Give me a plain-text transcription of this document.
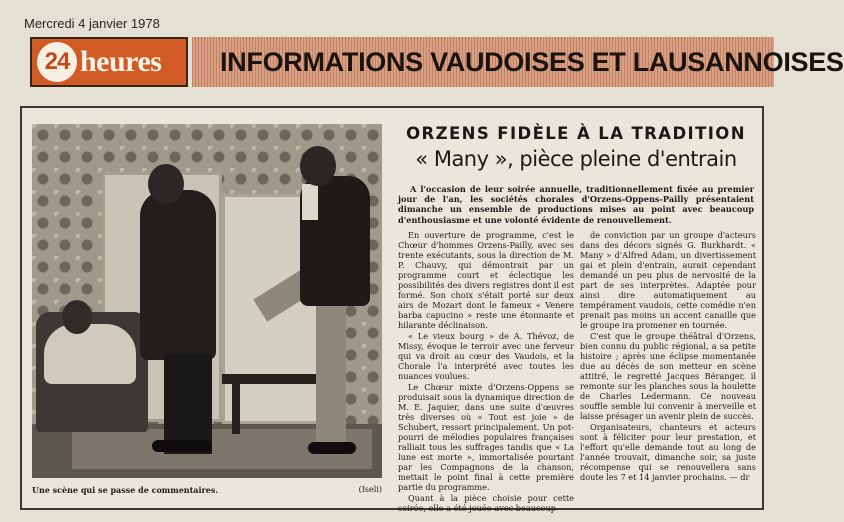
Mercredi 4 janvier 1978
24 heures INFORMATIONS VAUDOISES ET LAUSANNOISES
Une scène qui se passe de commentaires.	(Iseli)
ORZENS FIDÈLE À LA TRADITION
« Many », pièce pleine d'entrain

A l'occasion de leur soirée annuelle, traditionnellement fixée au premier jour de l'an, les sociétés chorales d'Orzens-Oppens-Pailly présentaient dimanche un ensemble de productions mises au point avec beaucoup d'enthousiasme et une volonté évidente de renouvellement.

En ouverture de programme, c'est le Chœur d'hommes Orzens-Pailly, avec ses trente exécutants, sous la direction de M. P. Chauvy, qui démontrait par un programme court et éclectique les possibilités des divers registres dont il est formé. Son choix s'était porté sur deux airs de Mozart dont le fameux « Venere barba capucino » reste une étonnante et hilarante déclinaison.

« Le vieux bourg » de A. Thévoz, de Missy, évoque le terroir avec une ferveur qui va droit au cœur des Vaudois, et la Chorale l'a interprété avec toutes les nuances voulues.

Le Chœur mixte d'Orzens-Oppens se produisait sous la dynamique direction de M. E. Jaquier, dans une suite d'œuvres très diverses où « Tout est joie » de Schubert, ressort principalement. Un pot-pourri de mélodies populaires françaises ralliait tous les suffrages tandis que « La lune est morte », immortalisée pourtant par les Compagnons de la chanson, mettait le point final à cette première partie du programme.

Quant à la pièce choisie pour cette soirée, elle a été jouée avec beaucoup

de conviction par un groupe d'acteurs dans des décors signés G. Burkhardt. « Many » d'Alfred Adam, un divertissement gai et plein d'entrain, aurait cependant demandé un peu plus de nervosité de la part de ses interprètes. Adaptée pour ainsi dire automatiquement au tempérament vaudois, cette comédie n'en prenait pas moins un accent canaille que le groupe ira promener en tournée.

C'est que le groupe théâtral d'Orzens, bien connu du public régional, a sa petite histoire ; après une éclipse momentanée due au décès de son metteur en scène attitré, le regretté Jacques Béranger, il remonte sur les planches sous la houlette de Charles Ledermann. Ce nouveau souffle semble lui convenir à merveille et laisse présager un avenir plein de succès.

Organisateurs, chanteurs et acteurs sont à féliciter pour leur prestation, et l'effort qu'elle demande tout au long de l'année trouvait, dimanche soir, sa juste récompense qui se renouvellera sans doute les 7 et 14 janvier prochains. — dr
